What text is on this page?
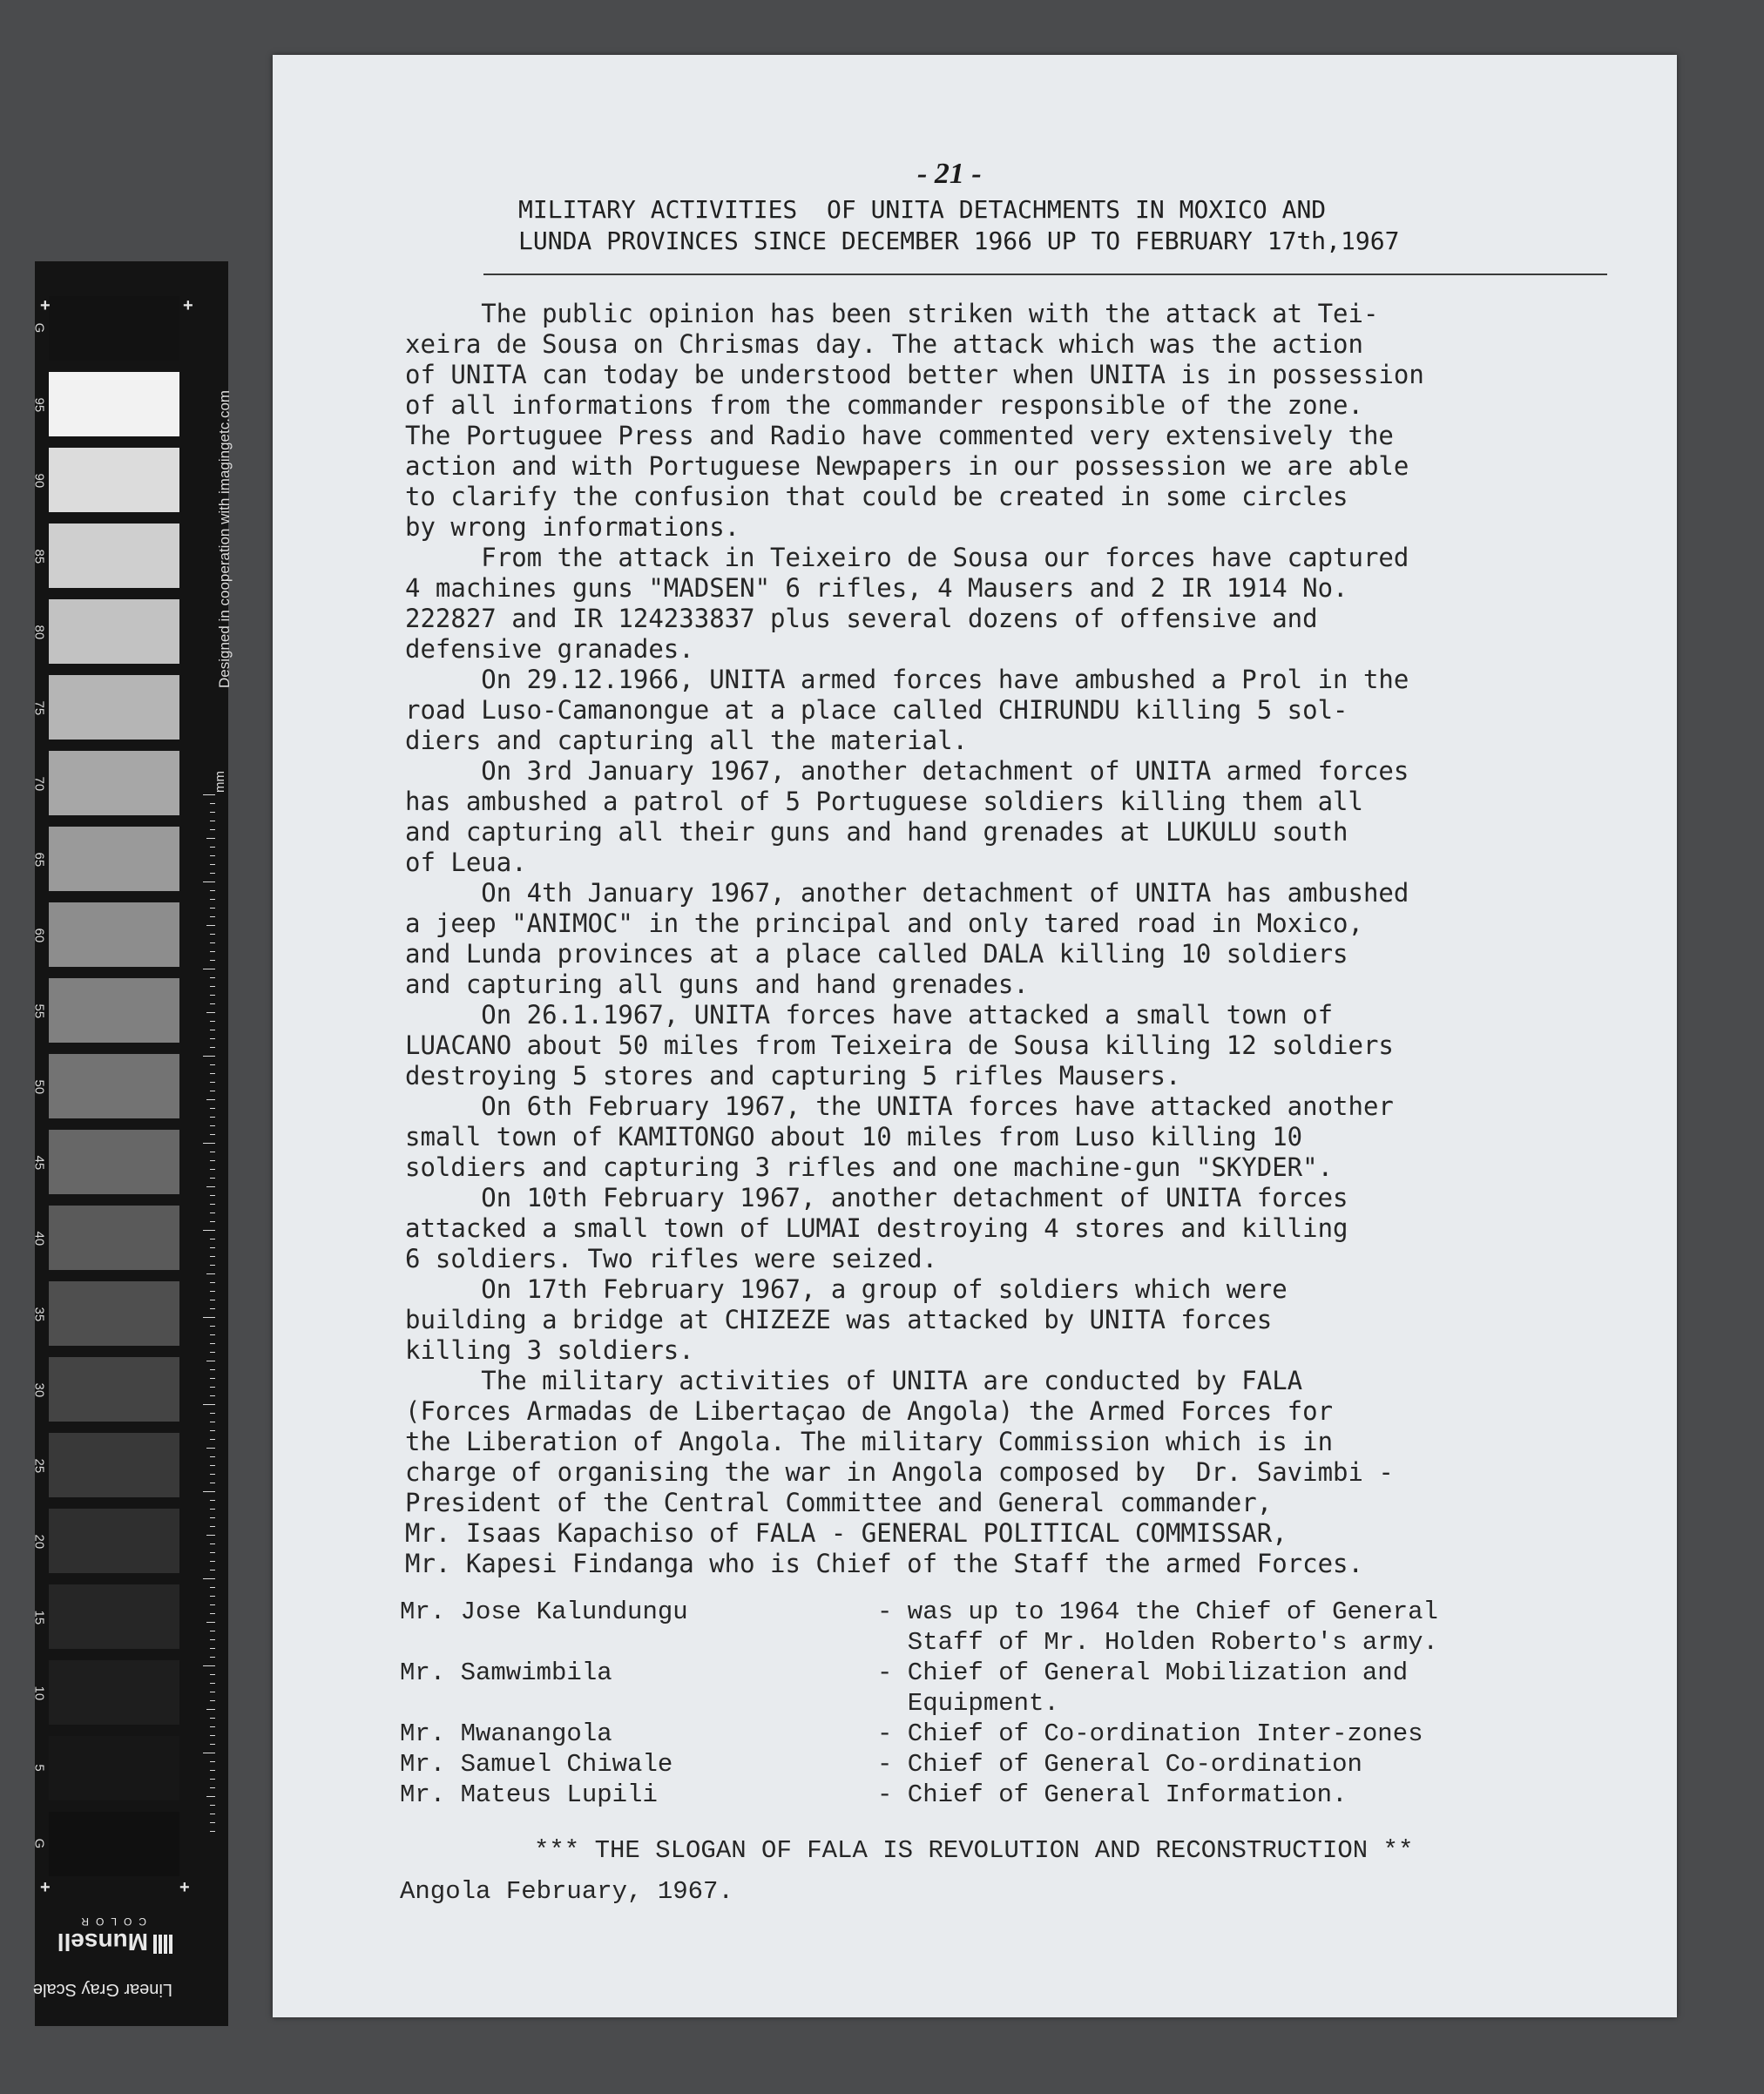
G
95
90
85
80
75
70
65
60
55
50
45
40
35
30
25
20
15
10
5
G
+	+
+	+
Designed in cooperation with imagingetc.com
mm
Linear Gray Scale
Munsell
COLOR
- 21 -
MILITARY ACTIVITIES  OF UNITA DETACHMENTS IN MOXICO AND
LUNDA PROVINCES SINCE DECEMBER 1966 UP TO FEBRUARY 17th,1967
The public opinion has been striken with the attack at Tei-
xeira de Sousa on Chrismas day. The attack which was the action
of UNITA can today be understood better when UNITA is in possession
of all informations from the commander responsible of the zone.
The Portuguee Press and Radio have commented very extensively the
action and with Portuguese Newpapers in our possession we are able
to clarify the confusion that could be created in some circles
by wrong informations.
From the attack in Teixeiro de Sousa our forces have captured
4 machines guns "MADSEN" 6 rifles, 4 Mausers and 2 IR 1914 No.
222827 and IR 124233837 plus several dozens of offensive and
defensive granades.
On 29.12.1966, UNITA armed forces have ambushed a Prol in the
road Luso-Camanongue at a place called CHIRUNDU killing 5 sol-
diers and capturing all the material.
On 3rd January 1967, another detachment of UNITA armed forces
has ambushed a patrol of 5 Portuguese soldiers killing them all
and capturing all their guns and hand grenades at LUKULU south
of Leua.
On 4th January 1967, another detachment of UNITA has ambushed
a jeep "ANIMOC" in the principal and only tared road in Moxico,
and Lunda provinces at a place called DALA killing 10 soldiers
and capturing all guns and hand grenades.
On 26.1.1967, UNITA forces have attacked a small town of
LUACANO about 50 miles from Teixeira de Sousa killing 12 soldiers
destroying 5 stores and capturing 5 rifles Mausers.
On 6th February 1967, the UNITA forces have attacked another
small town of KAMITONGO about 10 miles from Luso killing 10
soldiers and capturing 3 rifles and one machine-gun "SKYDER".
On 10th February 1967, another detachment of UNITA forces
attacked a small town of LUMAI destroying 4 stores and killing
6 soldiers. Two rifles were seized.
On 17th February 1967, a group of soldiers which were
building a bridge at CHIZEZE was attacked by UNITA forces
killing 3 soldiers.
The military activities of UNITA are conducted by FALA
(Forces Armadas de Libertaçao de Angola) the Armed Forces for
the Liberation of Angola. The military Commission which is in
charge of organising the war in Angola composed by  Dr. Savimbi -
President of the Central Committee and General commander,
Mr. Isaas Kapachiso of FALA - GENERAL POLITICAL COMMISSAR,
Mr. Kapesi Findanga who is Chief of the Staff the armed Forces.
Mr. Jose Kalundungu	- was up to 1964 the Chief of General
Staff of Mr. Holden Roberto's army.
Mr. Samwimbila	- Chief of General Mobilization and
Equipment.
Mr. Mwanangola	- Chief of Co-ordination Inter-zones
Mr. Samuel Chiwale	- Chief of General Co-ordination
Mr. Mateus Lupili	- Chief of General Information.
*** THE SLOGAN OF FALA IS REVOLUTION AND RECONSTRUCTION **
Angola February, 1967.
